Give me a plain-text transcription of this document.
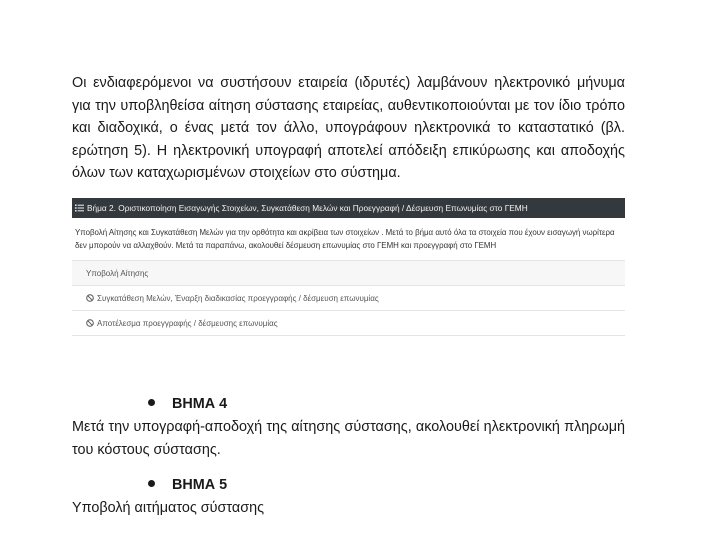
Οι ενδιαφερόμενοι να συστήσουν εταιρεία (ιδρυτές) λαμβάνουν ηλεκτρονικό μήνυμα για την υποβληθείσα αίτηση σύστασης εταιρείας, αυθεντικοποιούνται με τον ίδιο τρόπο και διαδοχικά, ο ένας μετά τον άλλο, υπογράφουν ηλεκτρονικά το καταστατικό (βλ. ερώτηση 5). Η ηλεκτρονική υπογραφή αποτελεί απόδειξη επικύρωσης και αποδοχής όλων των καταχωρισμένων στοιχείων στο σύστημα.

Βήμα 2. Οριστικοποίηση Εισαγωγής Στοιχείων, Συγκατάθεση Μελών και Προεγγραφή / Δέσμευση Επωνυμίας στο ΓΕΜΗ
Υποβολή Αίτησης και Συγκατάθεση Μελών για την ορθότητα και ακρίβεια των στοιχείων . Μετά το βήμα αυτό όλα τα στοιχεία που έχουν εισαγωγή νωρίτερα δεν μπορούν να αλλαχθούν. Μετά τα παραπάνω, ακολουθεί δέσμευση επωνυμίας στο ΓΕΜΗ και προεγγραφή στο ΓΕΜΗ
Υποβολή Αίτησης
Συγκατάθεση Μελών, Έναρξη διαδικασίας προεγγραφής / δέσμευση επωνυμίας
Αποτέλεσμα προεγγραφής / δέσμευσης επωνυμίας
ΒΗΜΑ 4

Μετά την υπογραφή-αποδοχή της αίτησης σύστασης, ακολουθεί ηλεκτρονική πληρωμή του κόστους σύστασης.

ΒΗΜΑ 5

Υποβολή αιτήματος σύστασης
